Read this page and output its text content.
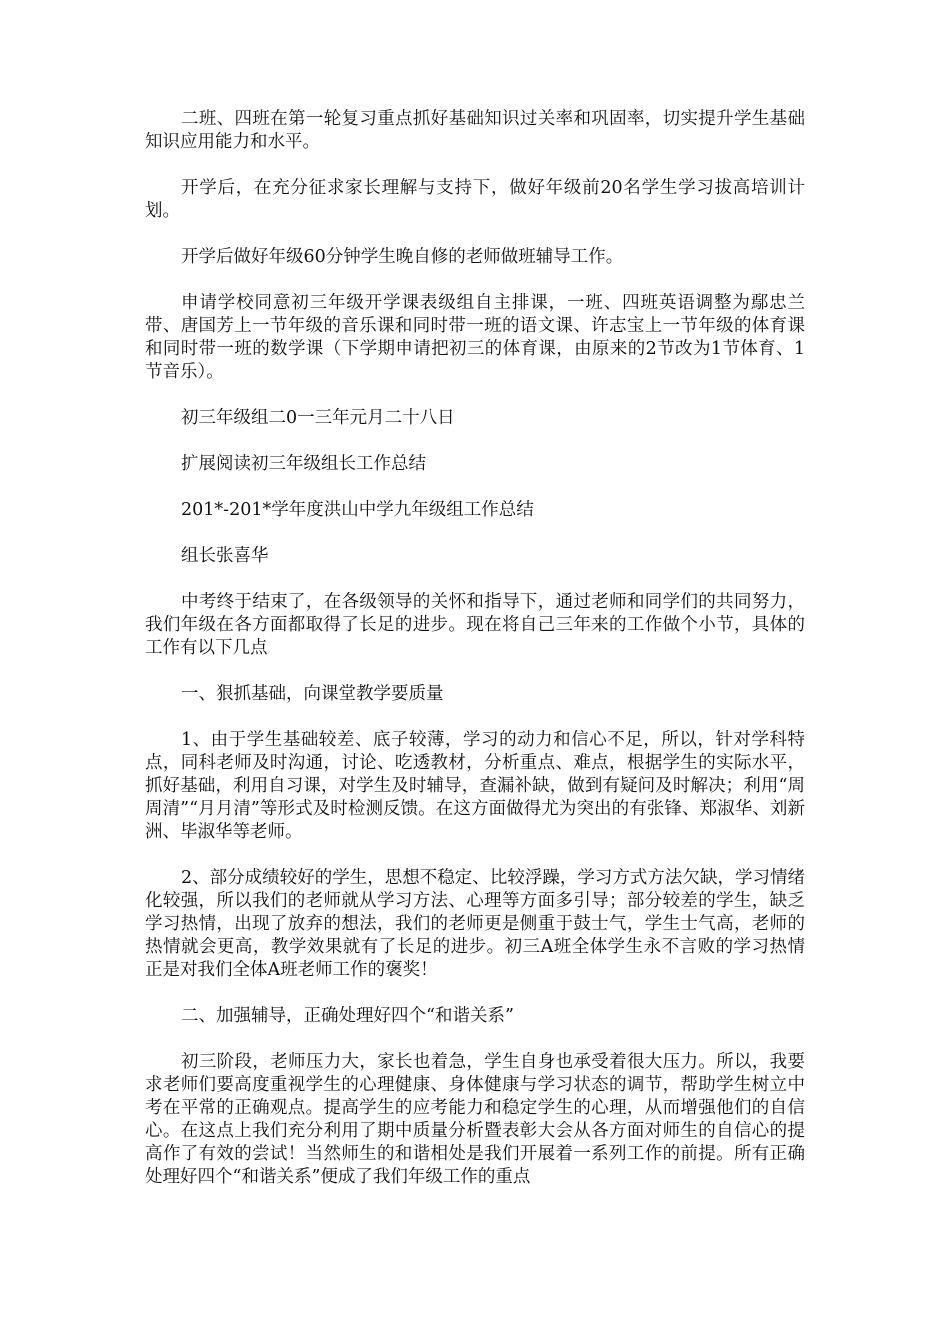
二班、四班在第一轮复习重点抓好基础知识过关率和巩固率，切实提升学生基础知识应用能力和水平。

开学后，在充分征求家长理解与支持下，做好年级前20名学生学习拔高培训计划。

开学后做好年级60分钟学生晚自修的老师做班辅导工作。

申请学校同意初三年级开学课表级组自主排课，一班、四班英语调整为鄢忠兰带、唐国芳上一节年级的音乐课和同时带一班的语文课、许志宝上一节年级的体育课和同时带一班的数学课（下学期申请把初三的体育课，由原来的2节改为1节体育、1节音乐）。

初三年级组二0一三年元月二十八日

扩展阅读初三年级组长工作总结

201*-201*学年度洪山中学九年级组工作总结

组长张喜华

中考终于结束了，在各级领导的关怀和指导下，通过老师和同学们的共同努力，我们年级在各方面都取得了长足的进步。现在将自己三年来的工作做个小节，具体的工作有以下几点

一、狠抓基础，向课堂教学要质量

1、由于学生基础较差、底子较薄，学习的动力和信心不足，所以，针对学科特点，同科老师及时沟通，讨论、吃透教材，分析重点、难点，根据学生的实际水平，抓好基础，利用自习课，对学生及时辅导，查漏补缺，做到有疑问及时解决；利用“周周清”“月月清”等形式及时检测反馈。在这方面做得尤为突出的有张锋、郑淑华、刘新洲、毕淑华等老师。

2、部分成绩较好的学生，思想不稳定、比较浮躁，学习方式方法欠缺，学习情绪化较强，所以我们的老师就从学习方法、心理等方面多引导；部分较差的学生，缺乏学习热情，出现了放弃的想法，我们的老师更是侧重于鼓士气，学生士气高，老师的热情就会更高，教学效果就有了长足的进步。初三A班全体学生永不言败的学习热情正是对我们全体A班老师工作的褒奖！

二、加强辅导，正确处理好四个“和谐关系”

初三阶段，老师压力大，家长也着急，学生自身也承受着很大压力。所以，我要求老师们要高度重视学生的心理健康、身体健康与学习状态的调节，帮助学生树立中考在平常的正确观点。提高学生的应考能力和稳定学生的心理，从而增强他们的自信心。在这点上我们充分利用了期中质量分析暨表彰大会从各方面对师生的自信心的提高作了有效的尝试！当然师生的和谐相处是我们开展着一系列工作的前提。所有正确处理好四个“和谐关系”便成了我们年级工作的重点
